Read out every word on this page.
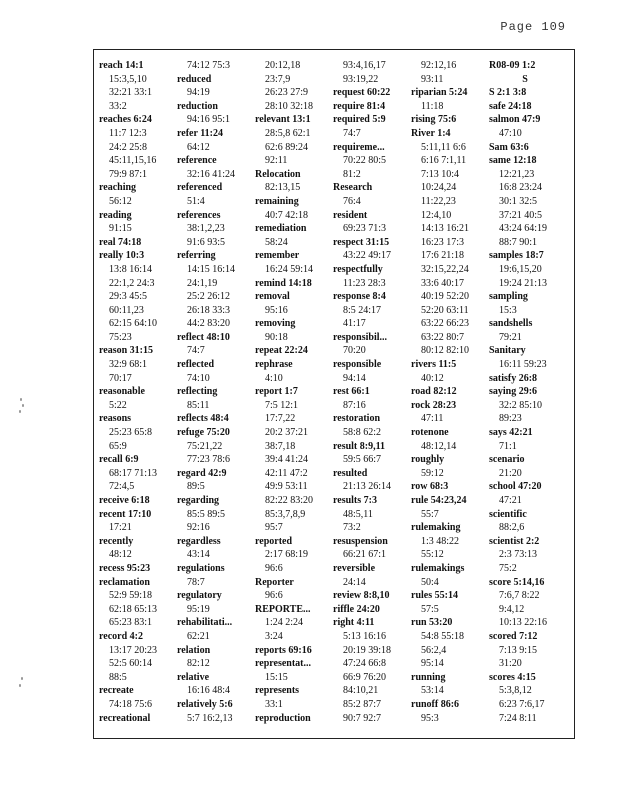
Page 109
reach 14:1
15:3,5,10
32:21 33:1
33:2
reaches 6:24
11:7 12:3
24:2 25:8
45:11,15,16
79:9 87:1
reaching
56:12
reading
91:15
real 74:18
really 10:3
13:8 16:14
22:1,2 24:3
29:3 45:5
60:11,23
62:15 64:10
75:23
reason 31:15
32:9 68:1
70:17
reasonable
5:22
reasons
25:23 65:8
65:9
recall 6:9
68:17 71:13
72:4,5
receive 6:18
recent 17:10
17:21
recently
48:12
recess 95:23
reclamation
52:9 59:18
62:18 65:13
65:23 83:1
record 4:2
13:17 20:23
52:5 60:14
88:5
recreate
74:18 75:6
recreational
74:12 75:3
reduced
94:19
reduction
94:16 95:1
refer 11:24
64:12
reference
32:16 41:24
referenced
51:4
references
38:1,2,23
91:6 93:5
referring
14:15 16:14
24:1,19
25:2 26:12
26:18 33:3
44:2 83:20
reflect 48:10
74:7
reflected
74:10
reflecting
85:11
reflects 48:4
refuge 75:20
75:21,22
77:23 78:6
regard 42:9
89:5
regarding
85:5 89:5
92:16
regardless
43:14
regulations
78:7
regulatory
95:19
rehabilitati...
62:21
relation
82:12
relative
16:16 48:4
relatively 5:6
5:7 16:2,13
20:12,18
23:7,9
26:23 27:9
28:10 32:18
relevant 13:1
28:5,8 62:1
62:6 89:24
92:11
Relocation
82:13,15
remaining
40:7 42:18
remediation
58:24
remember
16:24 59:14
remind 14:18
removal
95:16
removing
90:18
repeat 22:24
rephrase
4:10
report 1:7
7:5 12:1
17:7,22
20:2 37:21
38:7,18
39:4 41:24
42:11 47:2
49:9 53:11
82:22 83:20
85:3,7,8,9
95:7
reported
2:17 68:19
96:6
Reporter
96:6
REPORTE...
1:24 2:24
3:24
reports 69:16
representat...
15:15
represents
33:1
reproduction
93:4,16,17
93:19,22
request 60:22
require 81:4
required 5:9
74:7
requireme...
70:22 80:5
81:2
Research
76:4
resident
69:23 71:3
respect 31:15
43:22 49:17
respectfully
11:23 28:3
response 8:4
8:5 24:17
41:17
responsibil...
70:20
responsible
94:14
rest 66:1
87:16
restoration
58:8 62:2
result 8:9,11
59:5 66:7
resulted
21:13 26:14
results 7:3
48:5,11
73:2
resuspension
66:21 67:1
reversible
24:14
review 8:8,10
riffle 24:20
right 4:11
5:13 16:16
20:19 39:18
47:24 66:8
66:9 76:20
84:10,21
85:2 87:7
90:7 92:7
92:12,16
93:11
riparian 5:24
11:18
rising 75:6
River 1:4
5:11,11 6:6
6:16 7:1,11
7:13 10:4
10:24,24
11:22,23
12:4,10
14:13 16:21
16:23 17:3
17:6 21:18
32:15,22,24
33:6 40:17
40:19 52:20
52:20 63:11
63:22 66:23
63:22 80:7
80:12 82:10
rivers 11:5
40:12
road 82:12
rock 28:23
47:11
rotenone
48:12,14
roughly
59:12
row 68:3
rule 54:23,24
55:7
rulemaking
1:3 48:22
55:12
rulemakings
50:4
rules 55:14
57:5
run 53:20
54:8 55:18
56:2,4
95:14
running
53:14
runoff 86:6
95:3
R08-09 1:2
S
S 2:1 3:8
safe 24:18
salmon 47:9
47:10
Sam 63:6
same 12:18
12:21,23
16:8 23:24
30:1 32:5
37:21 40:5
43:24 64:19
88:7 90:1
samples 18:7
19:6,15,20
19:24 21:13
sampling
15:3
sandshells
79:21
Sanitary
16:11 59:23
satisfy 26:8
saying 29:6
32:2 85:10
89:23
says 42:21
71:1
scenario
21:20
school 47:20
47:21
scientific
88:2,6
scientist 2:2
2:3 73:13
75:2
score 5:14,16
7:6,7 8:22
9:4,12
10:13 22:16
scored 7:12
7:13 9:15
31:20
scores 4:15
5:3,8,12
6:23 7:6,17
7:24 8:11
